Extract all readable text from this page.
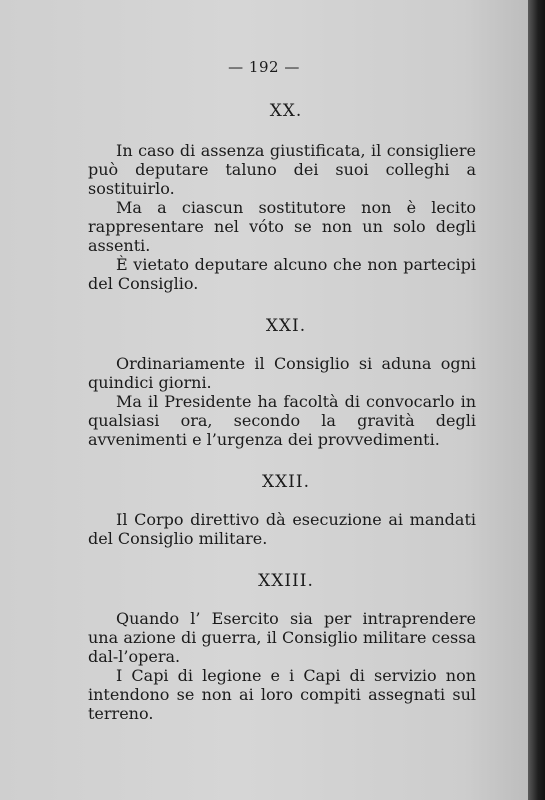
— 192 —
XX.

In caso di assenza giustificata, il consigliere può deputare taluno dei suoi colleghi a sostituirlo.

Ma a ciascun sostitutore non è lecito rappresentare nel vóto se non un solo degli assenti.

È vietato deputare alcuno che non partecipi del Consiglio.

XXI.

Ordinariamente il Consiglio si aduna ogni quindici giorni.

Ma il Presidente ha facoltà di convocarlo in qualsiasi ora, secondo la gravità degli avvenimenti e l’urgenza dei provvedimenti.

XXII.

Il Corpo direttivo dà esecuzione ai mandati del Consiglio militare.

XXIII.

Quando l’ Esercito sia per intraprendere una azione di guerra, il Consiglio militare cessa dal-l’opera.

I Capi di legione e i Capi di servizio non intendono se non ai loro compiti assegnati sul terreno.
